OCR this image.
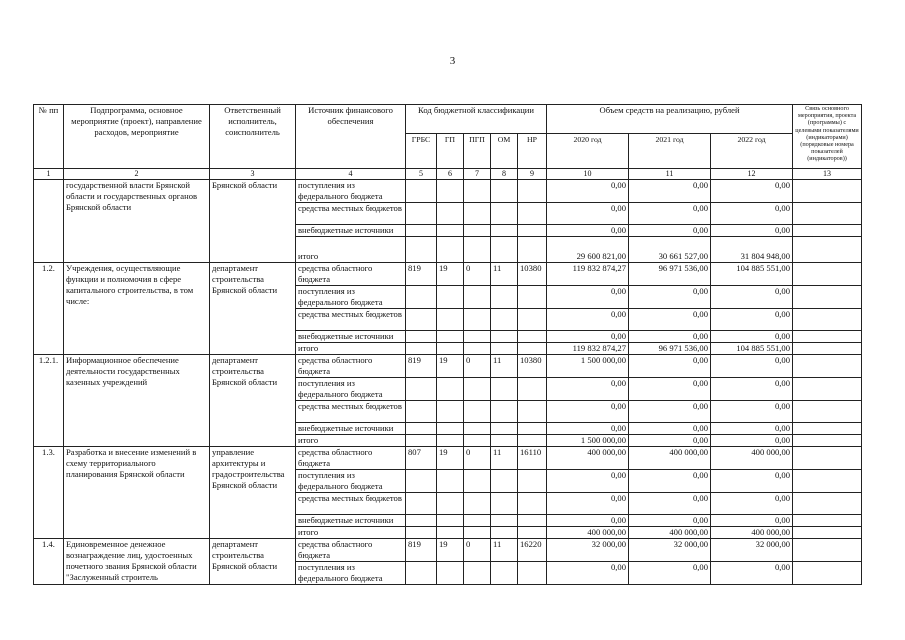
3
№ пп	Подпрограмма, основное мероприятие (проект), направление расходов, мероприятие	Ответственный исполнитель, соисполнитель	Источник финансового обеспечения	Код бюджетной классификации					Объем средств на реализацию, рублей			Связь основного мероприятия, проекта (программы) с целевыми показателями (индикаторами) (порядковые номера показателей (индикаторов))
				ГРБС	ГП	ПГП	ОМ	НР	2020 год	2021 год	2022 год	
1	2	3	4	5	6	7	8	9	10	11	12	13
	государственной власти Брянской области и государственных органов Брянской области	Брянской области	поступления из федерального бюджета						0,00	0,00	0,00	
			средства местных бюджетов						0,00	0,00	0,00	
			внебюджетные источники						0,00	0,00	0,00	
			итого						29 600 821,00	30 661 527,00	31 804 948,00	
1.2.	Учреждения, осуществляющие функции и полномочия в сфере капитального строительства, в том числе:	департамент строительства Брянской области	средства областного бюджета	819	19	0	11	10380	119 832 874,27	96 971 536,00	104 885 551,00	
			поступления из федерального бюджета						0,00	0,00	0,00	
			средства местных бюджетов						0,00	0,00	0,00	
			внебюджетные источники						0,00	0,00	0,00	
			итого						119 832 874,27	96 971 536,00	104 885 551,00	
1.2.1.	Информационное обеспечение деятельности государственных казенных учреждений	департамент строительства Брянской области	средства областного бюджета	819	19	0	11	10380	1 500 000,00	0,00	0,00	
			поступления из федерального бюджета						0,00	0,00	0,00	
			средства местных бюджетов						0,00	0,00	0,00	
			внебюджетные источники						0,00	0,00	0,00	
			итого						1 500 000,00	0,00	0,00	
1.3.	Разработка и внесение изменений в схему территориального планирования Брянской области	управление архитектуры и градостроительства Брянской области	средства областного бюджета	807	19	0	11	16110	400 000,00	400 000,00	400 000,00	
			поступления из федерального бюджета						0,00	0,00	0,00	
			средства местных бюджетов						0,00	0,00	0,00	
			внебюджетные источники						0,00	0,00	0,00	
			итого						400 000,00	400 000,00	400 000,00	
1.4.	Единовременное денежное вознаграждение лиц, удостоенных почетного звания Брянской области "Заслуженный строитель	департамент строительства Брянской области	средства областного бюджета	819	19	0	11	16220	32 000,00	32 000,00	32 000,00	
			поступления из федерального бюджета						0,00	0,00	0,00	
